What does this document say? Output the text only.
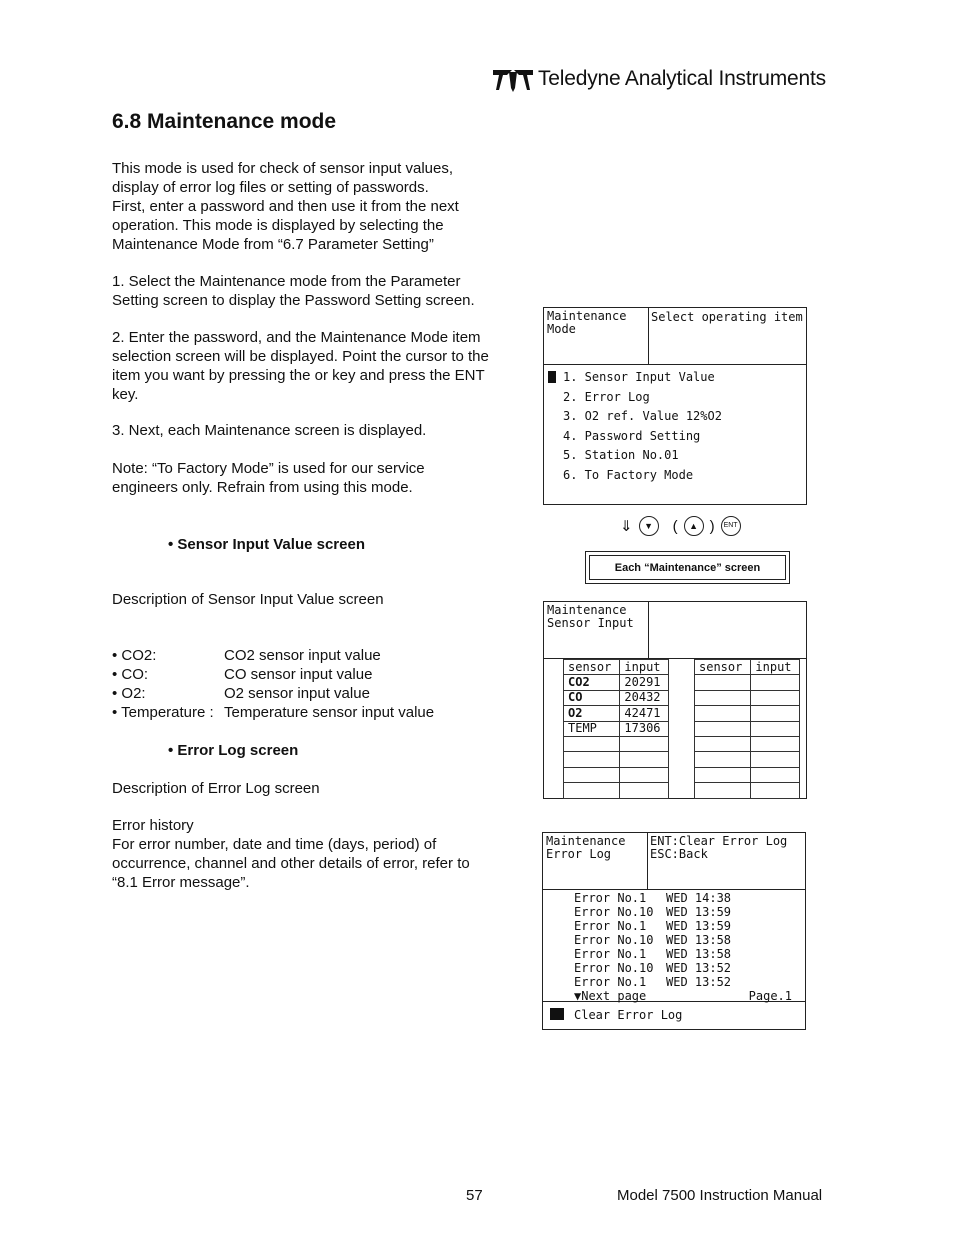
Teledyne Analytical Instruments
6.8 Maintenance mode

This mode is used for check of sensor input values,

display of error log files or setting of passwords.

First, enter a password and then use it from the next

operation. This mode is displayed by selecting the

Maintenance Mode from “6.7 Parameter Setting”

1. Select the Maintenance mode from the Parameter

Setting screen to display the Password Setting screen.

2. Enter the password, and the Maintenance Mode item

selection screen will be displayed. Point the cursor to the

item you want by pressing the or key and press the ENT

key.

3. Next, each Maintenance screen is displayed.

Note: “To Factory Mode” is used for our service

engineers only. Refrain from using this mode.

• Sensor Input Value screen
Description of Sensor Input Value screen
• CO2:	CO2 sensor input value
• CO:	CO sensor input value
• O2:	O2 sensor input value
• Temperature : Temperature sensor input value
• Error Log screen
Description of Error Log screen

Error history

For error number, date and time (days, period) of

occurrence, channel and other details of error, refer to

“8.1 Error message”.

Maintenance
Mode
Select operating item
1. Sensor Input Value
2. Error Log
3. O2 ref. Value 12%O2
4. Password Setting
5. Station No.01
6. To Factory Mode
⇓	▼	(	▲ )	ENT
Each “Maintenance” screen
Maintenance
Sensor Input
sensor	input
CO2	20291
CO	20432
O2	42471
TEMP	17306

sensor	input

Maintenance
Error Log
ENT:Clear Error Log
ESC:Back
Error No.1	WED 14:38
Error No.10	WED 13:59
Error No.1	WED 13:59
Error No.10	WED 13:58
Error No.1	WED 13:58
Error No.10	WED 13:52
Error No.1	WED 13:52
▼ Next page	Page.1
Clear Error Log
57	Model 7500 Instruction Manual
